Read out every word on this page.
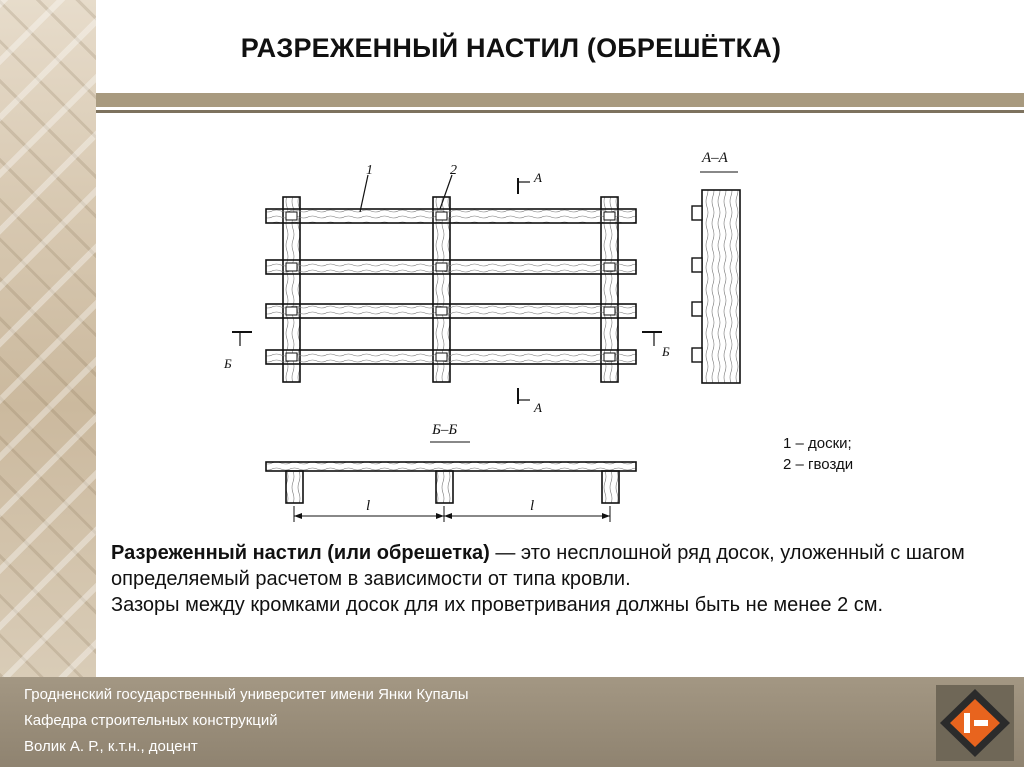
РАЗРЕЖЕННЫЙ НАСТИЛ (ОБРЕШЁТКА)
1	2	А
А
Б
Б
А–А
Б–Б
l	l
1 – доски;
2 – гвозди
Разреженный настил (или обрешетка) — это несплошной ряд досок, уложенный с шагом определяемый расчетом в зависимости от типа кровли.
Зазоры между кромками досок для их проветривания должны быть не менее 2 см.
Гродненский государственный университет имени Янки Купалы
Кафедра строительных конструкций
Волик А. Р., к.т.н., доцент
